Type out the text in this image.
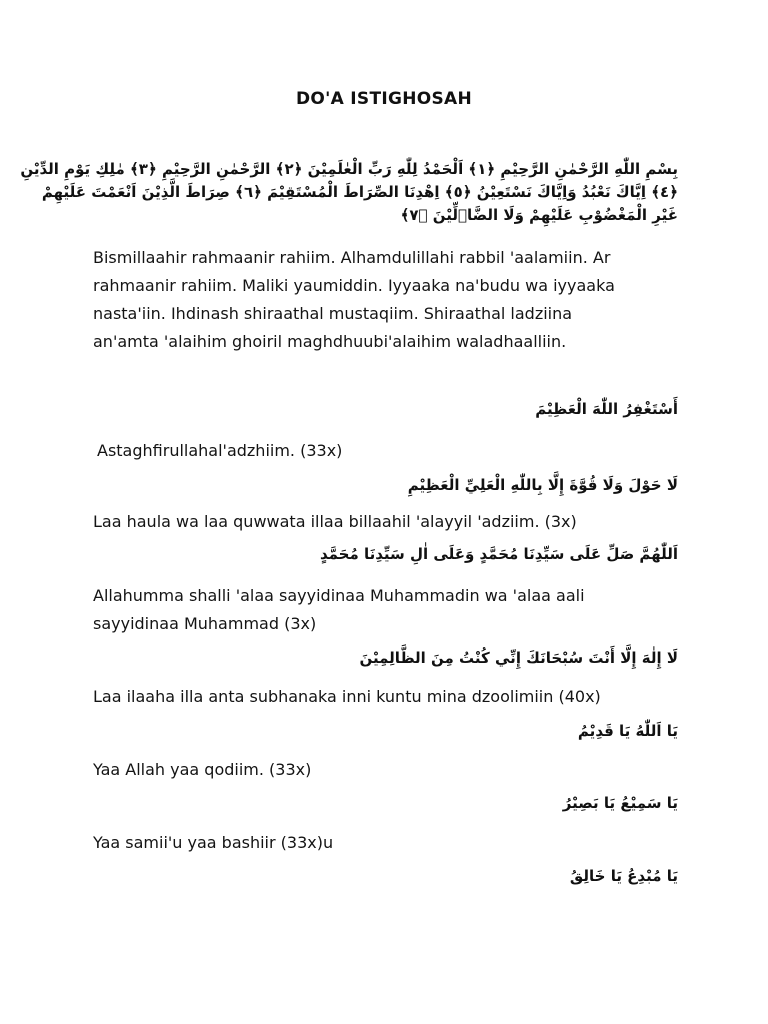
DO'A ISTIGHOSAH
بِسْمِ اللّٰهِ الرَّحْمٰنِ الرَّحِيْمِ ﴿١﴾ اَلْحَمْدُ لِلّٰهِ رَبِّ الْعٰلَمِيْنَ ﴿٢﴾ الرَّحْمٰنِ الرَّحِيْمِ ﴿٣﴾ مٰلِكِ يَوْمِ الدِّيْنِ
﴿٤﴾ اِيَّاكَ نَعْبُدُ وَاِيَّاكَ نَسْتَعِيْنُ ﴿٥﴾ اِهْدِنَا الصِّرَاطَ الْمُسْتَقِيْمَ ﴿٦﴾ صِرَاطَ الَّذِيْنَ اَنْعَمْتَ عَلَيْهِمْ
غَيْرِ الْمَغْضُوْبِ عَلَيْهِمْ وَلَا الضَّاۤلِّيْنَ ﴿٧﴾
Bismillaahir rahmaanir rahiim. Alhamdulillahi rabbil 'aalamiin. Ar
rahmaanir rahiim. Maliki yaumiddin. Iyyaaka na'budu wa iyyaaka
nasta'iin. Ihdinash shiraathal mustaqiim. Shiraathal ladziina
an'amta 'alaihim ghoiril maghdhuubi'alaihim waladhaalliin.
أَسْتَغْفِرُ اللّٰهَ الْعَظِيْمَ
Astaghfirullahal'adzhiim. (33x)
لَا حَوْلَ وَلَا قُوَّةَ إِلَّا بِاللّٰهِ الْعَلِيِّ الْعَظِيْمِ
Laa haula wa laa quwwata illaa billaahil 'alayyil 'adziim. (3x)
اَللّٰهُمَّ صَلِّ عَلَى سَيِّدِنَا مُحَمَّدٍ وَعَلَى اٰلِ سَيِّدِنَا مُحَمَّدٍ
Allahumma shalli 'alaa sayyidinaa Muhammadin wa 'alaa aali
sayyidinaa Muhammad (3x)
لَا إِلٰهَ إِلَّا أَنْتَ سُبْحَانَكَ إِنِّي كُنْتُ مِنَ الظَّالِمِيْنَ
Laa ilaaha illa anta subhanaka inni kuntu mina dzoolimiin (40x)
يَا اَللّٰهُ يَا قَدِيْمُ
Yaa Allah yaa qodiim. (33x)
يَا سَمِيْعُ يَا بَصِيْرُ
Yaa samii'u yaa bashiir (33x)u
يَا مُبْدِعُ يَا خَالِقُ
